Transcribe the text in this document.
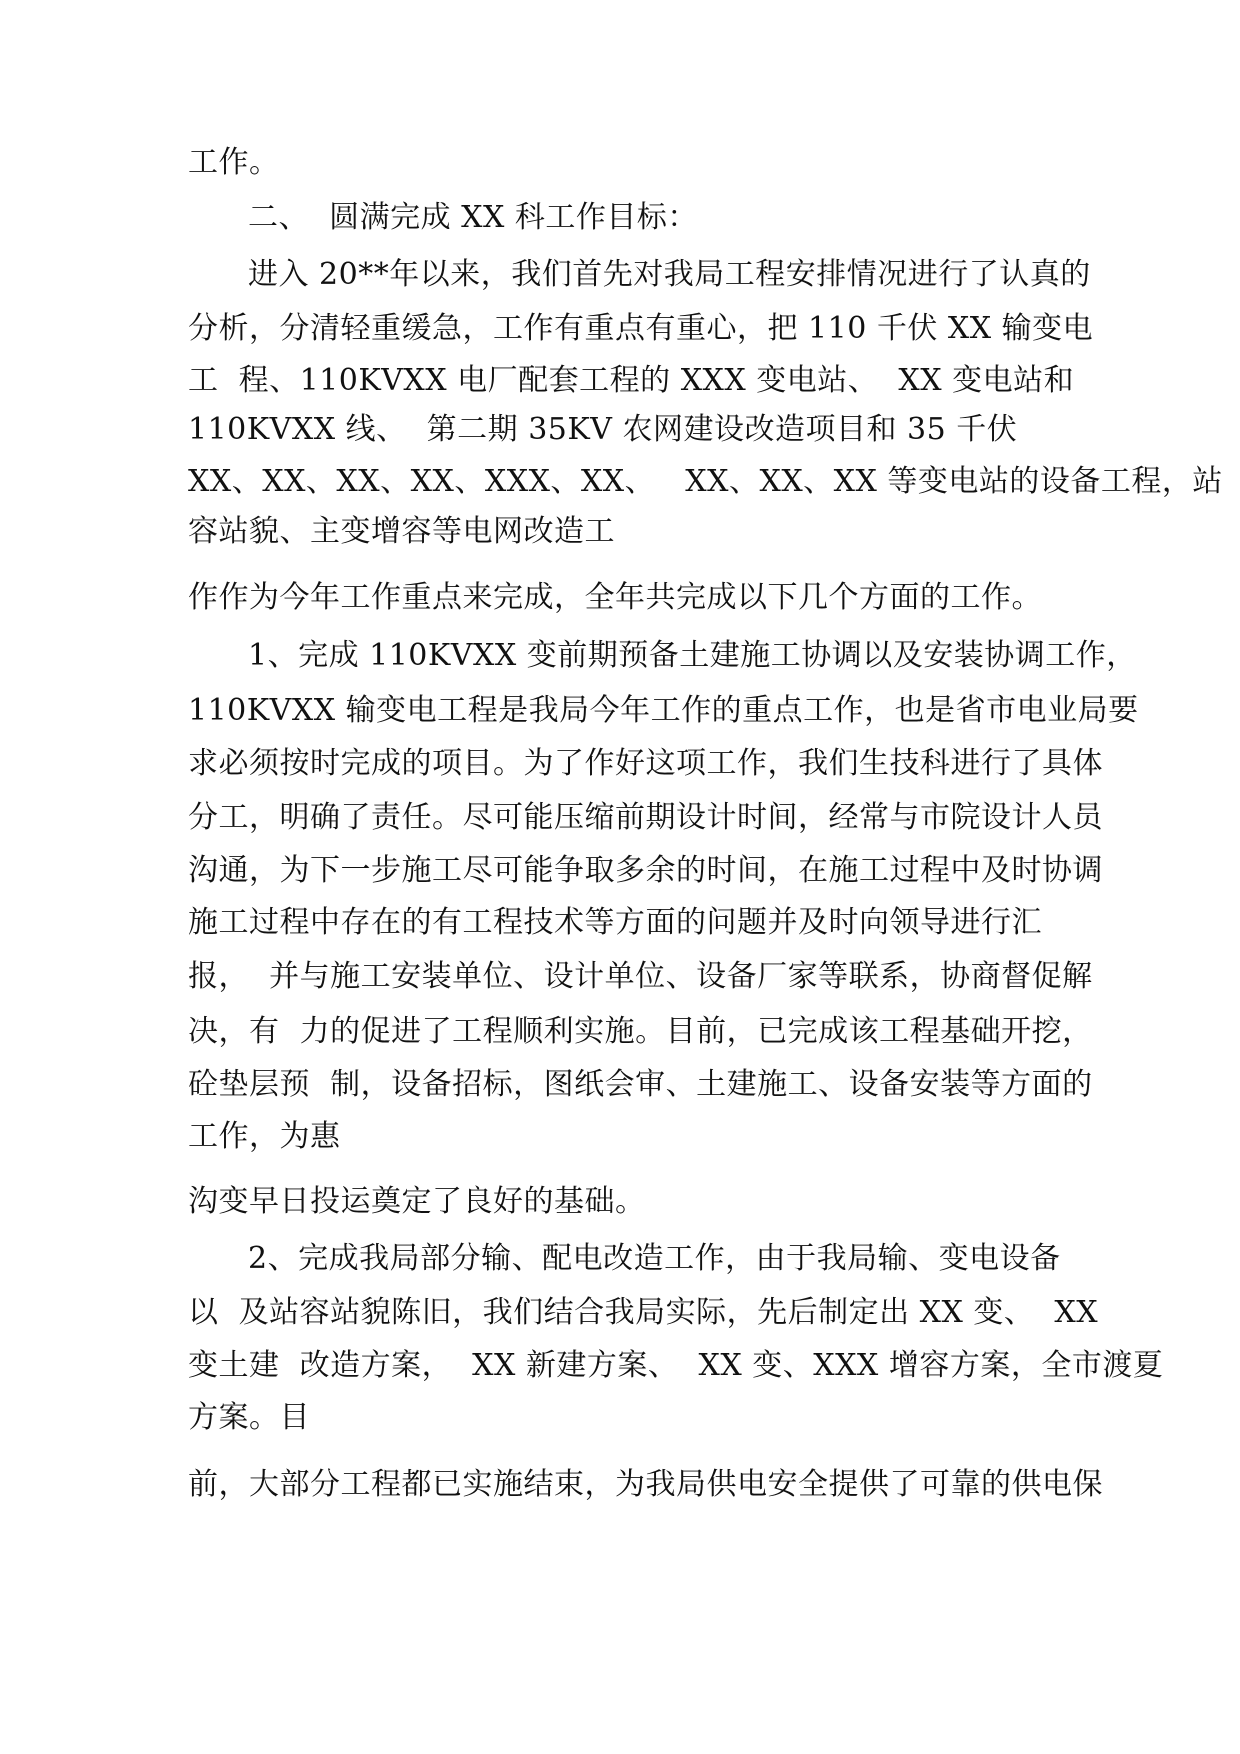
工作。
二、  圆满完成 XX 科工作目标：
进入 20**年以来，我们首先对我局工程安排情况进行了认真的
分析，分清轻重缓急，工作有重点有重心，把 110 千伏 XX 输变电
工  程、110KVXX 电厂配套工程的 XXX 变电站、  XX 变电站和
110KVXX 线、  第二期 35KV 农网建设改造项目和 35 千伏
XX、XX、XX、XX、XXX、XX、   XX、XX、XX 等变电站的设备工程，站
容站貌、主变增容等电网改造工
作作为今年工作重点来完成，全年共完成以下几个方面的工作。
1、完成 110KVXX 变前期预备土建施工协调以及安装协调工作，
110KVXX 输变电工程是我局今年工作的重点工作，也是省市电业局要
求必须按时完成的项目。为了作好这项工作，我们生技科进行了具体
分工，明确了责任。尽可能压缩前期设计时间，经常与市院设计人员
沟通，为下一步施工尽可能争取多余的时间，在施工过程中及时协调
施工过程中存在的有工程技术等方面的问题并及时向领导进行汇
报，  并与施工安装单位、设计单位、设备厂家等联系，协商督促解
决，有  力的促进了工程顺利实施。目前，已完成该工程基础开挖，
砼垫层预  制，设备招标，图纸会审、土建施工、设备安装等方面的
工作，为惠
沟变早日投运奠定了良好的基础。
2、完成我局部分输、配电改造工作，由于我局输、变电设备
以  及站容站貌陈旧，我们结合我局实际，先后制定出 XX 变、  XX
变土建  改造方案，  XX 新建方案、  XX 变、XXX 增容方案，全市渡夏
方案。目
前，大部分工程都已实施结束，为我局供电安全提供了可靠的供电保
